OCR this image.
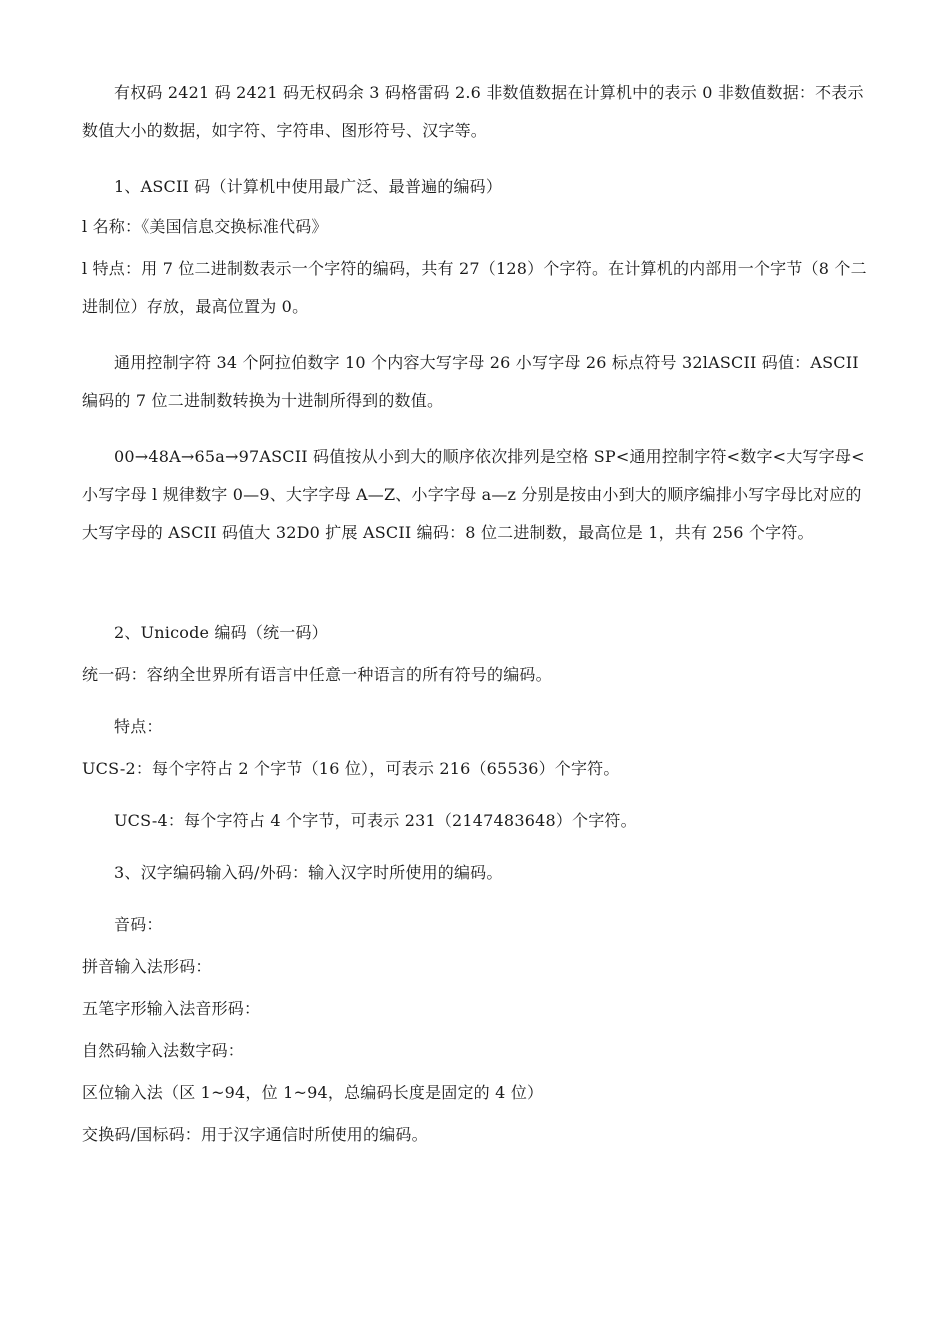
有权码 2421 码 2421 码无权码余 3 码格雷码 2.6 非数值数据在计算机中的表示 0 非数值数据：不表示数值大小的数据，如字符、字符串、图形符号、汉字等。

1、ASCII 码（计算机中使用最广泛、最普遍的编码）

l 名称：《美国信息交换标准代码》

l 特点：用 7 位二进制数表示一个字符的编码，共有 27（128）个字符。在计算机的内部用一个字节（8 个二进制位）存放，最高位置为 0。

通用控制字符 34 个阿拉伯数字 10 个内容大写字母 26 小写字母 26 标点符号 32lASCII 码值：ASCII 编码的 7 位二进制数转换为十进制所得到的数值。

00→48A→65a→97ASCII 码值按从小到大的顺序依次排列是空格 SP<通用控制字符<数字<大写字母<小写字母 l 规律数字 0—9、大字字母 A—Z、小字字母 a—z 分别是按由小到大的顺序编排小写字母比对应的大写字母的 ASCII 码值大 32D0 扩展 ASCII 编码：8 位二进制数，最高位是 1，共有 256 个字符。

2、Unicode 编码（统一码）

统一码：容纳全世界所有语言中任意一种语言的所有符号的编码。

特点：

UCS-2：每个字符占 2 个字节（16 位），可表示 216（65536）个字符。

UCS-4：每个字符占 4 个字节，可表示 231（2147483648）个字符。

3、汉字编码输入码/外码：输入汉字时所使用的编码。

音码：

拼音输入法形码：

五笔字形输入法音形码：

自然码输入法数字码：

区位输入法（区 1~94，位 1~94，总编码长度是固定的 4 位）

交换码/国标码：用于汉字通信时所使用的编码。
